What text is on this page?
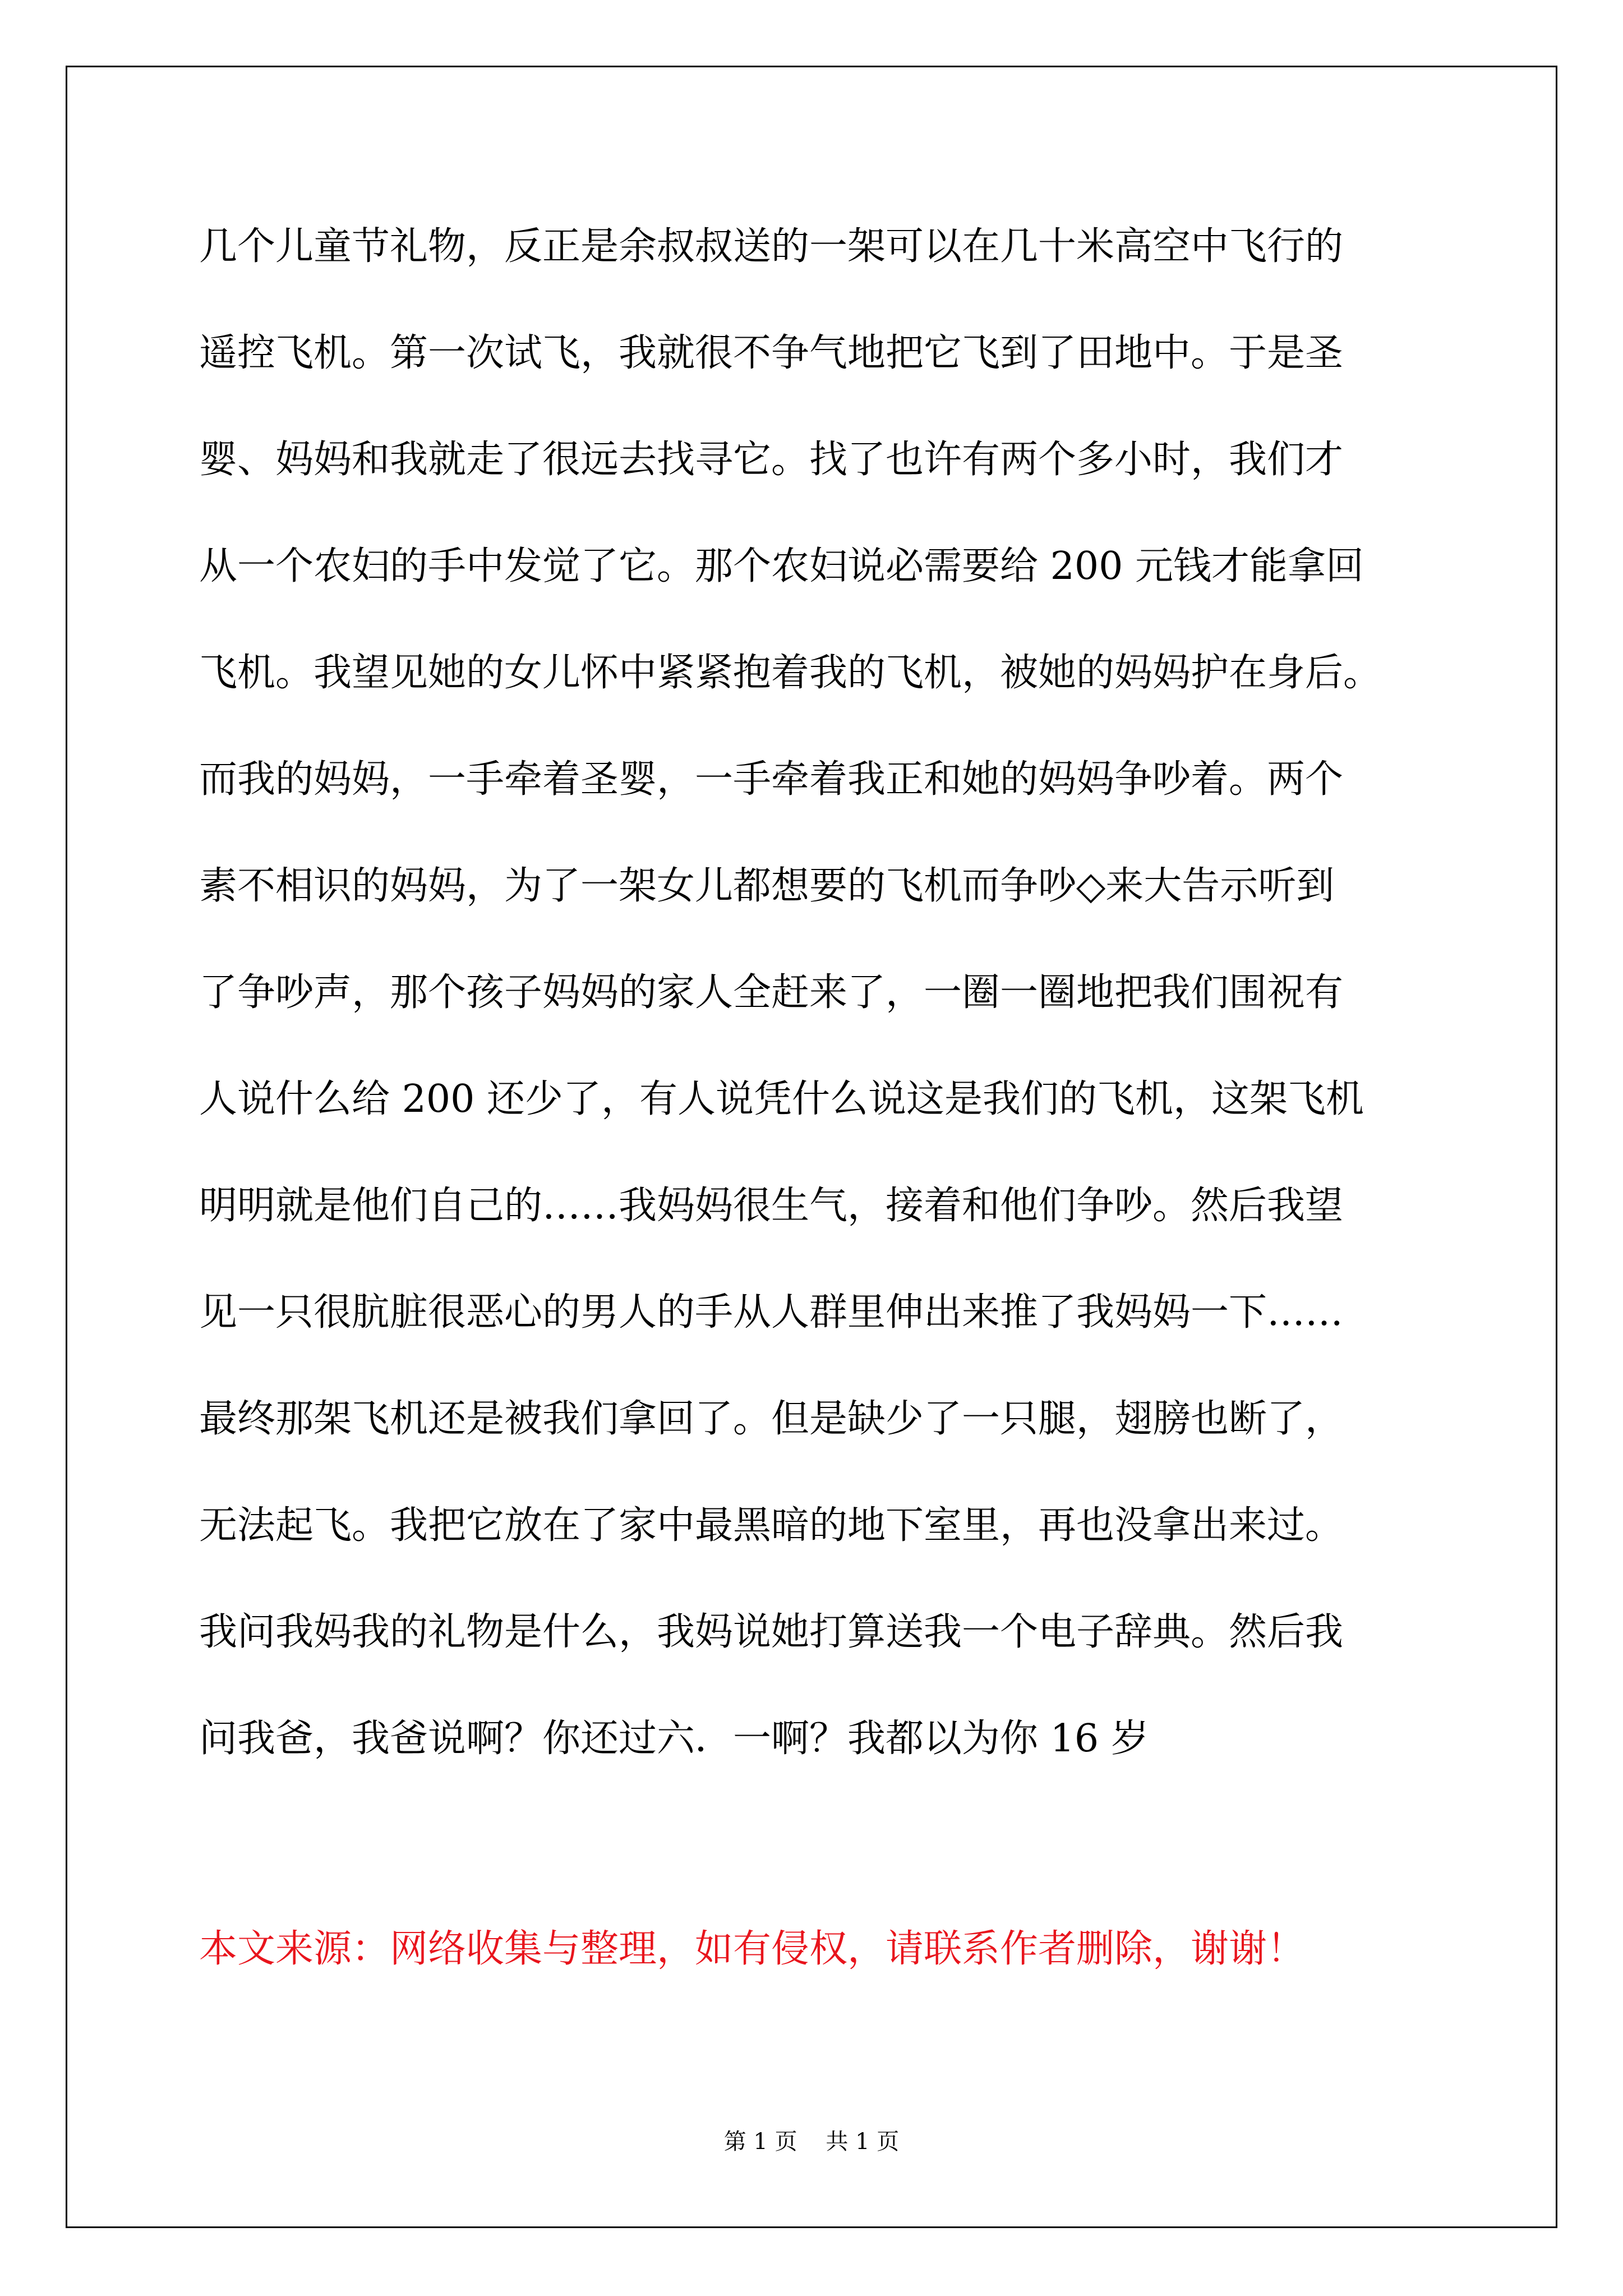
几个儿童节礼物，反正是余叔叔送的一架可以在几十米高空中飞行的
遥控飞机。第一次试飞，我就很不争气地把它飞到了田地中。于是圣
婴、妈妈和我就走了很远去找寻它。找了也许有两个多小时，我们才
从一个农妇的手中发觉了它。那个农妇说必需要给 200 元钱才能拿回
飞机。我望见她的女儿怀中紧紧抱着我的飞机，被她的妈妈护在身后。
而我的妈妈，一手牵着圣婴，一手牵着我正和她的妈妈争吵着。两个
素不相识的妈妈，为了一架女儿都想要的飞机而争吵◇来大告示听到
了争吵声，那个孩子妈妈的家人全赶来了，一圈一圈地把我们围祝有
人说什么给 200 还少了，有人说凭什么说这是我们的飞机，这架飞机
明明就是他们自己的……我妈妈很生气，接着和他们争吵。然后我望
见一只很肮脏很恶心的男人的手从人群里伸出来推了我妈妈一下……
最终那架飞机还是被我们拿回了。但是缺少了一只腿，翅膀也断了，
无法起飞。我把它放在了家中最黑暗的地下室里，再也没拿出来过。
我问我妈我的礼物是什么，我妈说她打算送我一个电子辞典。然后我
问我爸，我爸说啊？你还过六．一啊？我都以为你 16 岁
本文来源：网络收集与整理，如有侵权，请联系作者删除，谢谢！
第 1 页    共 1 页
